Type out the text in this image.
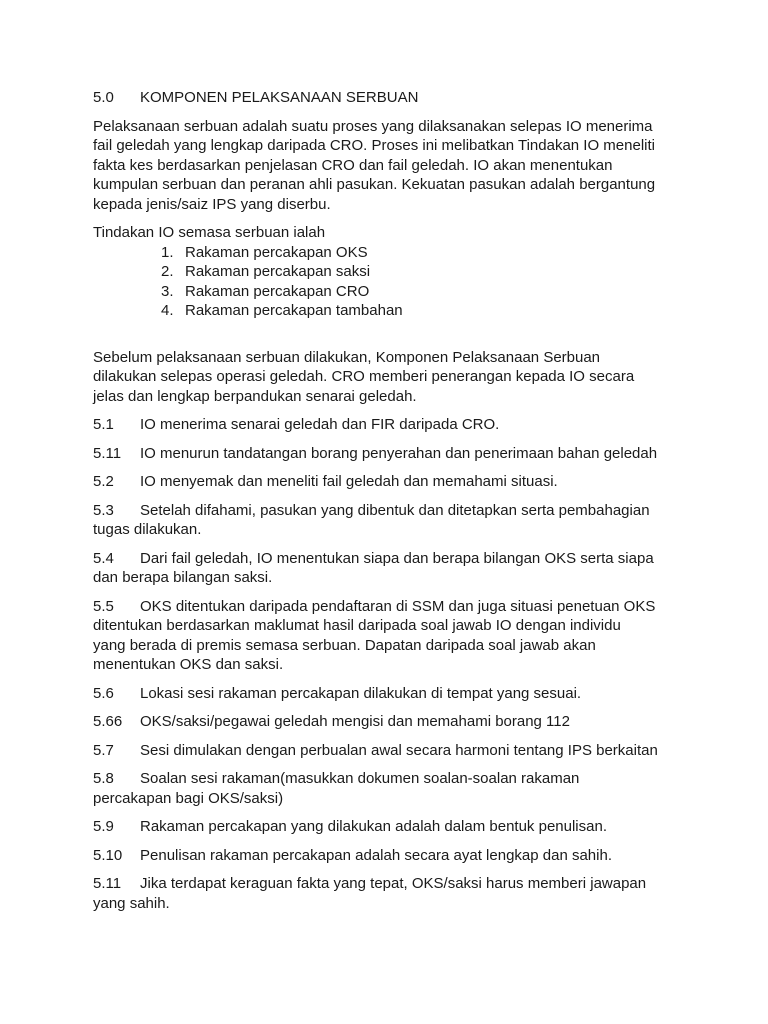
5.0 KOMPONEN PELAKSANAAN SERBUAN
Pelaksanaan serbuan adalah suatu proses yang dilaksanakan selepas IO menerima
fail geledah yang lengkap daripada CRO. Proses ini melibatkan Tindakan IO meneliti
fakta kes berdasarkan penjelasan CRO dan fail geledah. IO akan menentukan
kumpulan serbuan dan peranan ahli pasukan. Kekuatan pasukan adalah bergantung
kepada jenis/saiz IPS yang diserbu.
Tindakan IO semasa serbuan ialah
1. Rakaman percakapan OKS
2. Rakaman percakapan saksi
3. Rakaman percakapan CRO
4. Rakaman percakapan tambahan
Sebelum pelaksanaan serbuan dilakukan, Komponen Pelaksanaan Serbuan
dilakukan selepas operasi geledah. CRO memberi penerangan kepada IO secara
jelas dan lengkap berpandukan senarai geledah.
5.1 IO menerima senarai geledah dan FIR daripada CRO.
5.11 IO menurun tandatangan borang penyerahan dan penerimaan bahan geledah
5.2 IO menyemak dan meneliti fail geledah dan memahami situasi.
5.3 Setelah difahami, pasukan yang dibentuk dan ditetapkan serta pembahagian
tugas dilakukan.
5.4 Dari fail geledah, IO menentukan siapa dan berapa bilangan OKS serta siapa
dan berapa bilangan saksi.
5.5 OKS ditentukan daripada pendaftaran di SSM dan juga situasi penetuan OKS
ditentukan berdasarkan maklumat hasil daripada soal jawab IO dengan individu
yang berada di premis semasa serbuan. Dapatan daripada soal jawab akan
menentukan OKS dan saksi.
5.6 Lokasi sesi rakaman percakapan dilakukan di tempat yang sesuai.
5.66 OKS/saksi/pegawai geledah mengisi dan memahami borang 112
5.7 Sesi dimulakan dengan perbualan awal secara harmoni tentang IPS berkaitan
5.8 Soalan sesi rakaman(masukkan dokumen soalan-soalan rakaman
percakapan bagi OKS/saksi)
5.9 Rakaman percakapan yang dilakukan adalah dalam bentuk penulisan.
5.10 Penulisan rakaman percakapan adalah secara ayat lengkap dan sahih.
5.11 Jika terdapat keraguan fakta yang tepat, OKS/saksi harus memberi jawapan
yang sahih.
